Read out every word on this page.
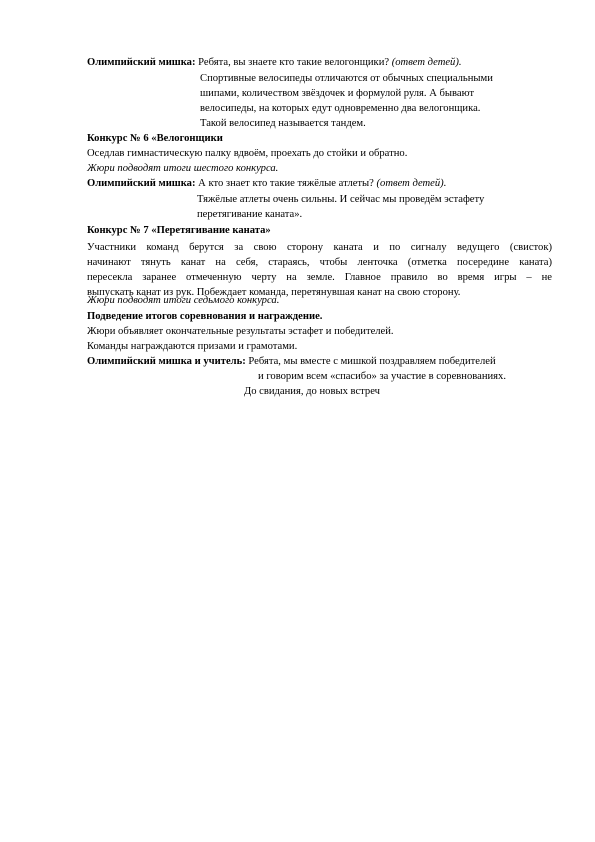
Олимпийский мишка: Ребята, вы знаете кто такие велогонщики? (ответ детей).
Спортивные велосипеды отличаются от обычных специальными
шипами, количеством звёздочек и формулой руля. А бывают
велосипеды, на которых едут одновременно два велогонщика.
Такой велосипед называется тандем.
Конкурс № 6 «Велогонщики
Оседлав гимнастическую палку вдвоём, проехать до стойки и обратно.
Жюри подводят итоги шестого конкурса.
Олимпийский мишка: А кто знает кто такие тяжёлые атлеты? (ответ детей).
Тяжёлые атлеты очень сильны. И сейчас мы проведём эстафету
перетягивание каната».
Конкурс № 7 «Перетягивание каната»
Участники команд берутся за свою сторону каната и по сигналу ведущего (свисток)
начинают тянуть канат на себя, стараясь, чтобы ленточка (отметка посередине каната)
пересекла заранее отмеченную черту на земле. Главное правило во время игры – не
выпускать канат из рук. Побеждает команда, перетянувшая канат на свою сторону.
Жюри подводят итоги седьмого конкурса.
Подведение итогов соревнования и награждение.
Жюри объявляет окончательные результаты эстафет и победителей.
Команды награждаются призами и грамотами.
Олимпийский мишка и учитель: Ребята, мы вместе с мишкой поздравляем победителей
и говорим всем «спасибо» за участие в соревнованиях.
До свидания, до новых встреч
